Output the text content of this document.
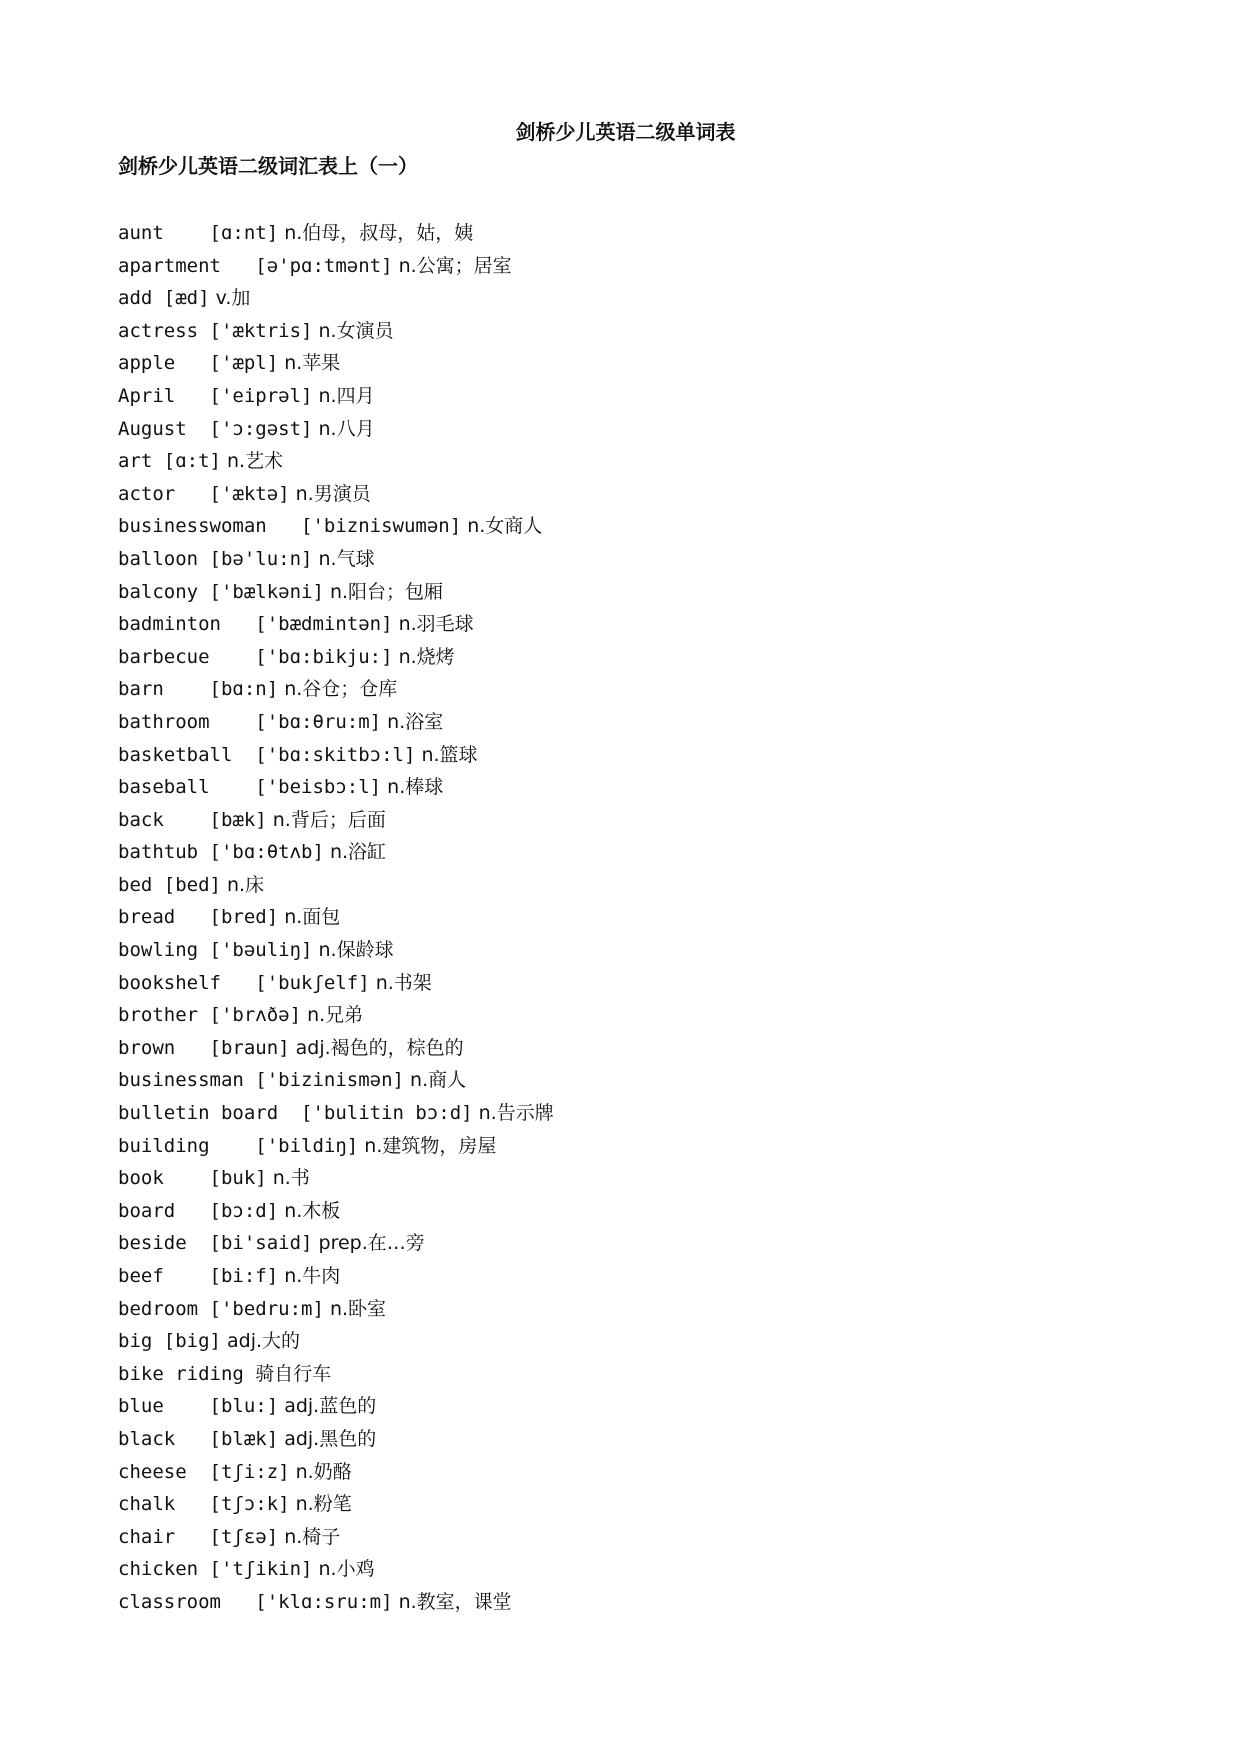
剑桥少儿英语二级单词表
剑桥少儿英语二级词汇表上（一）
aunt    [ɑ:nt] n.伯母，叔母，姑，姨
apartment   [ə'pɑ:tmənt] n.公寓；居室
add [æd] v.加
actress ['æktris] n.女演员
apple   ['æpl] n.苹果
April   ['eiprəl] n.四月
August  ['ɔ:gəst] n.八月
art [ɑ:t] n.艺术
actor   ['æktə] n.男演员
businesswoman   ['bizniswumən] n.女商人
balloon [bə'lu:n] n.气球
balcony ['bælkəni] n.阳台；包厢
badminton   ['bædmintən] n.羽毛球
barbecue    ['bɑ:bikju:] n.烧烤
barn    [bɑ:n] n.谷仓；仓库
bathroom    ['bɑ:θru:m] n.浴室
basketball  ['bɑ:skitbɔ:l] n.篮球
baseball    ['beisbɔ:l] n.棒球
back    [bæk] n.背后；后面
bathtub ['bɑ:θtʌb] n.浴缸
bed [bed] n.床
bread   [bred] n.面包
bowling ['bəuliŋ] n.保龄球
bookshelf   ['bukʃelf] n.书架
brother ['brʌðə] n.兄弟
brown   [braun] adj.褐色的，棕色的
businessman ['bizinismən] n.商人
bulletin board  ['bulitin bɔ:d] n.告示牌
building    ['bildiŋ] n.建筑物，房屋
book    [buk] n.书
board   [bɔ:d] n.木板
beside  [bi'said] prep.在…旁
beef    [bi:f] n.牛肉
bedroom ['bedru:m] n.卧室
big [big] adj.大的
bike riding 骑自行车
blue    [blu:] adj.蓝色的
black   [blæk] adj.黑色的
cheese  [tʃi:z] n.奶酪
chalk   [tʃɔ:k] n.粉笔
chair   [tʃɛə] n.椅子
chicken ['tʃikin] n.小鸡
classroom   ['klɑ:sru:m] n.教室，课堂
